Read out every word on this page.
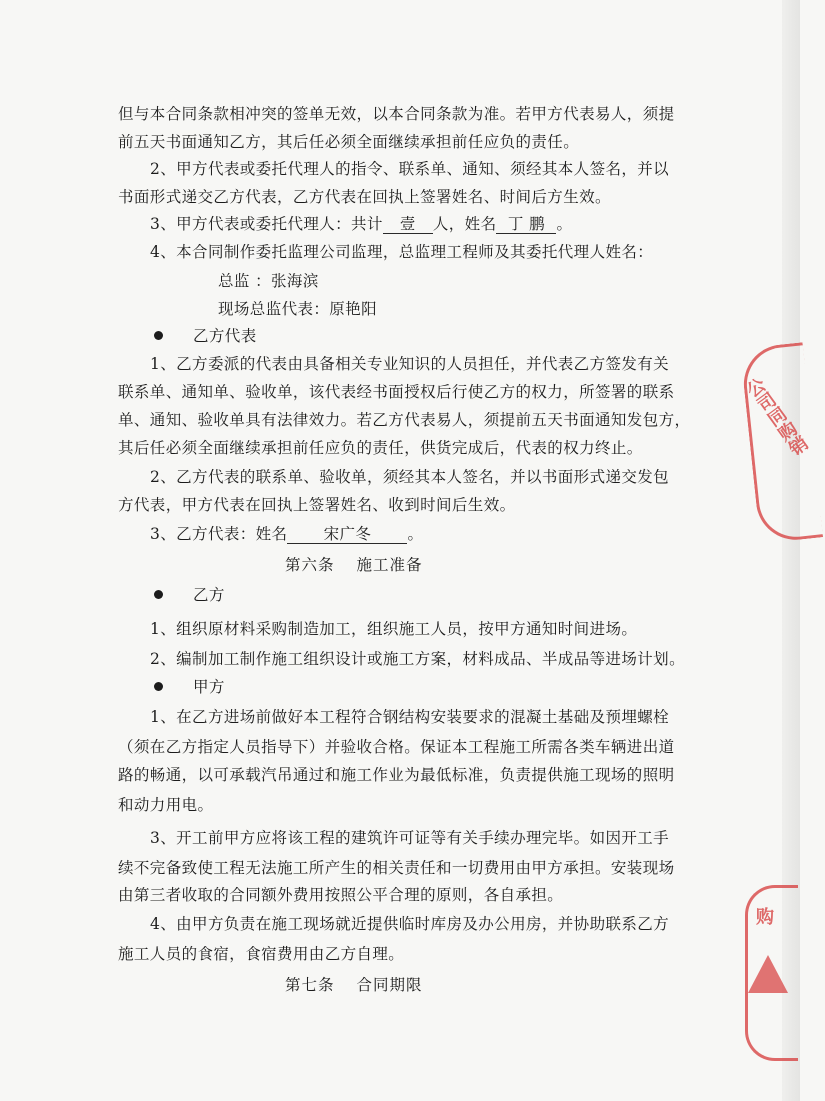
但与本合同条款相冲突的签单无效，以本合同条款为准。若甲方代表易人，须提
前五天书面通知乙方，其后任必须全面继续承担前任应负的责任。
2、甲方代表或委托代理人的指令、联系单、通知、须经其本人签名，并以
书面形式递交乙方代表，乙方代表在回执上签署姓名、时间后方生效。
3、甲方代表或委托代理人：共计 壹 人，姓名 丁 鹏 。
4、本合同制作委托监理公司监理，总监理工程师及其委托代理人姓名：
总监 ：张海滨
现场总监代表：原艳阳
乙方代表
1、乙方委派的代表由具备相关专业知识的人员担任，并代表乙方签发有关
联系单、通知单、验收单，该代表经书面授权后行使乙方的权力，所签署的联系
单、通知、验收单具有法律效力。若乙方代表易人，须提前五天书面通知发包方，
其后任必须全面继续承担前任应负的责任，供货完成后，代表的权力终止。
2、乙方代表的联系单、验收单，须经其本人签名，并以书面形式递交发包
方代表，甲方代表在回执上签署姓名、收到时间后生效。
3、乙方代表：姓名 宋广冬 。
第六条 施工准备
乙方
1、组织原材料采购制造加工，组织施工人员，按甲方通知时间进场。
2、编制加工制作施工组织设计或施工方案，材料成品、半成品等进场计划。
甲方
1、在乙方进场前做好本工程符合钢结构安装要求的混凝土基础及预埋螺栓
（须在乙方指定人员指导下）并验收合格。保证本工程施工所需各类车辆进出道
路的畅通，以可承载汽吊通过和施工作业为最低标准，负责提供施工现场的照明
和动力用电。
3、开工前甲方应将该工程的建筑许可证等有关手续办理完毕。如因开工手
续不完备致使工程无法施工所产生的相关责任和一切费用由甲方承担。安装现场
由第三者收取的合同额外费用按照公平合理的原则，各自承担。
4、由甲方负责在施工现场就近提供临时库房及办公用房，并协助联系乙方
施工人员的食宿，食宿费用由乙方自理。
第七条 合同期限
公司同购销
购
